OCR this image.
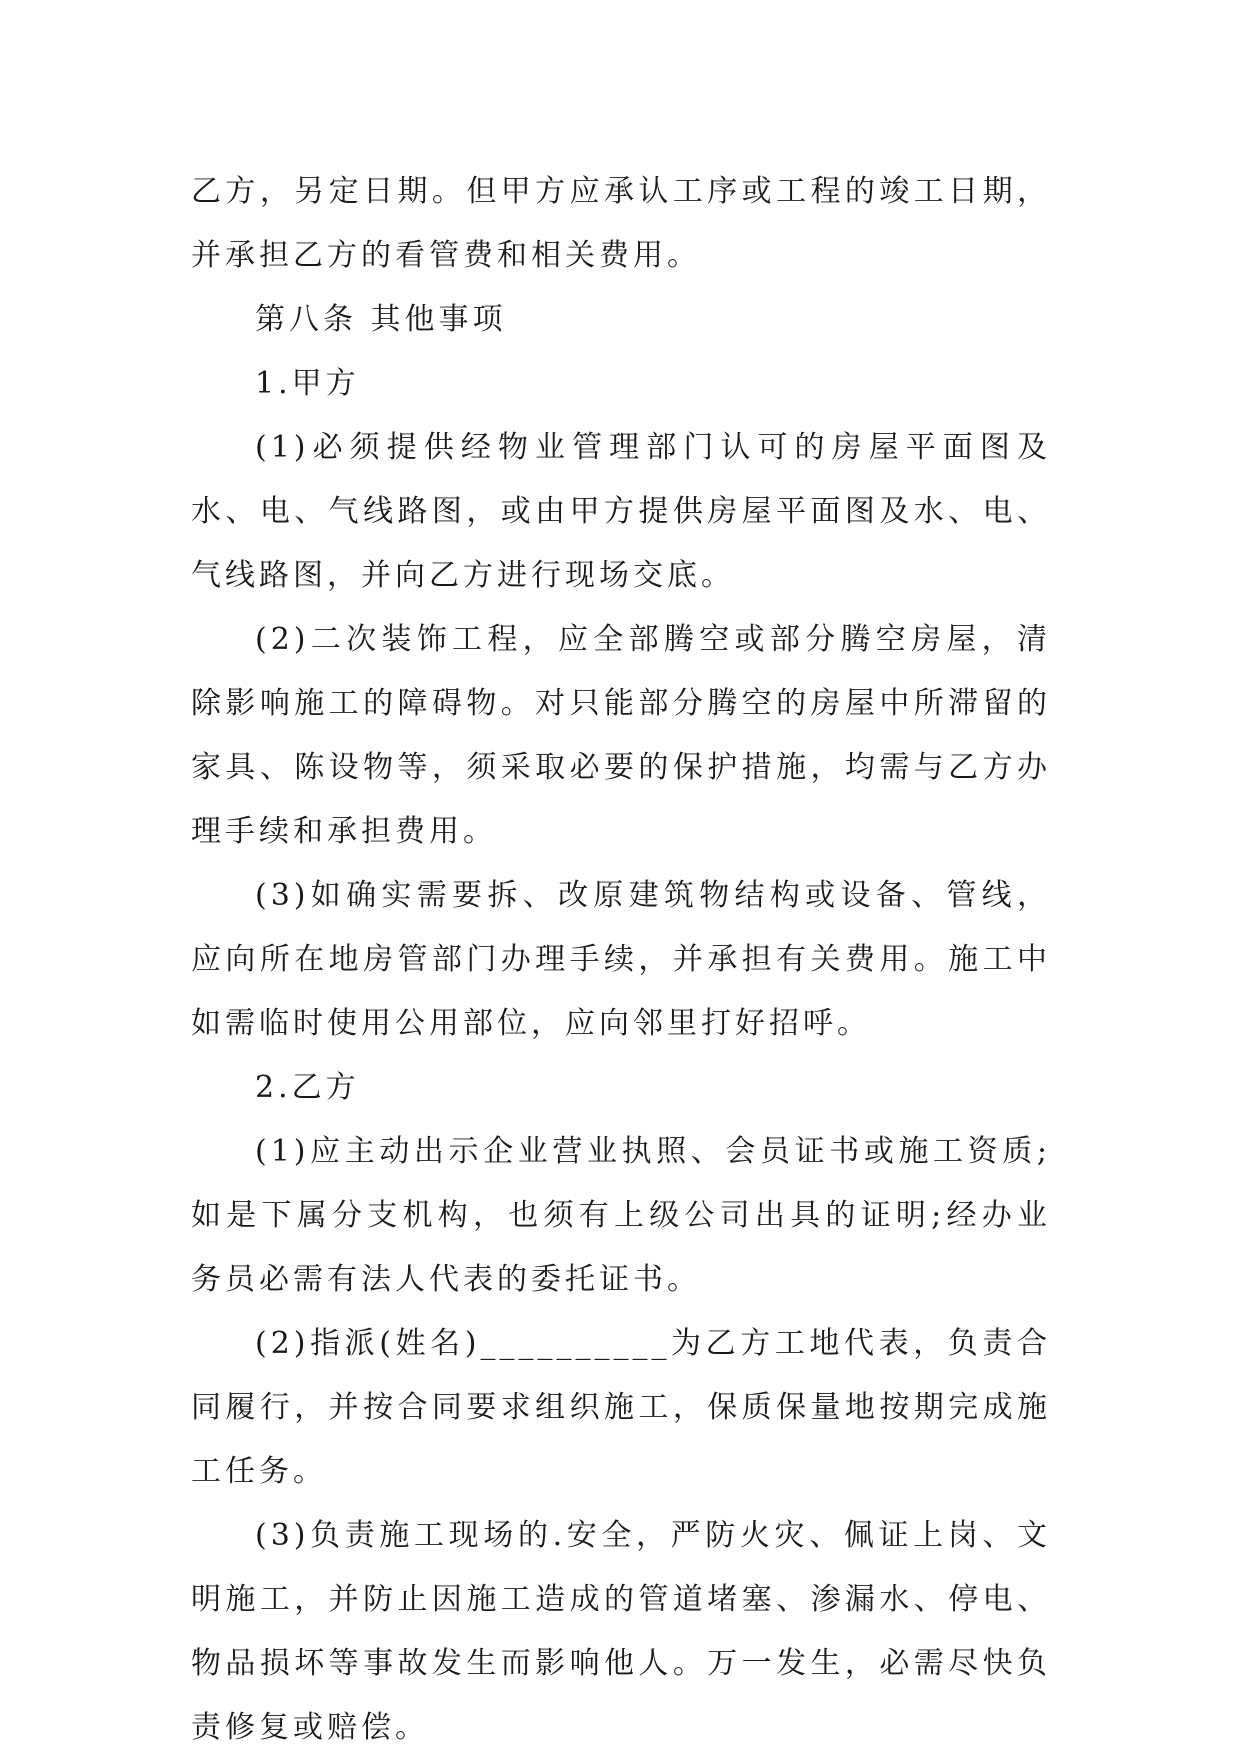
乙方，另定日期。但甲方应承认工序或工程的竣工日期，并承担乙方的看管费和相关费用。

第八条 其他事项

1.甲方

(1)必须提供经物业管理部门认可的房屋平面图及水、电、气线路图，或由甲方提供房屋平面图及水、电、气线路图，并向乙方进行现场交底。

(2)二次装饰工程，应全部腾空或部分腾空房屋，清除影响施工的障碍物。对只能部分腾空的房屋中所滞留的家具、陈设物等，须采取必要的保护措施，均需与乙方办理手续和承担费用。

(3)如确实需要拆、改原建筑物结构或设备、管线，应向所在地房管部门办理手续，并承担有关费用。施工中如需临时使用公用部位，应向邻里打好招呼。

2.乙方

(1)应主动出示企业营业执照、会员证书或施工资质;如是下属分支机构，也须有上级公司出具的证明;经办业务员必需有法人代表的委托证书。

(2)指派(姓名)__________为乙方工地代表，负责合同履行，并按合同要求组织施工，保质保量地按期完成施工任务。

(3)负责施工现场的.安全，严防火灾、佩证上岗、文明施工，并防止因施工造成的管道堵塞、渗漏水、停电、物品损坏等事故发生而影响他人。万一发生，必需尽快负责修复或赔偿。
